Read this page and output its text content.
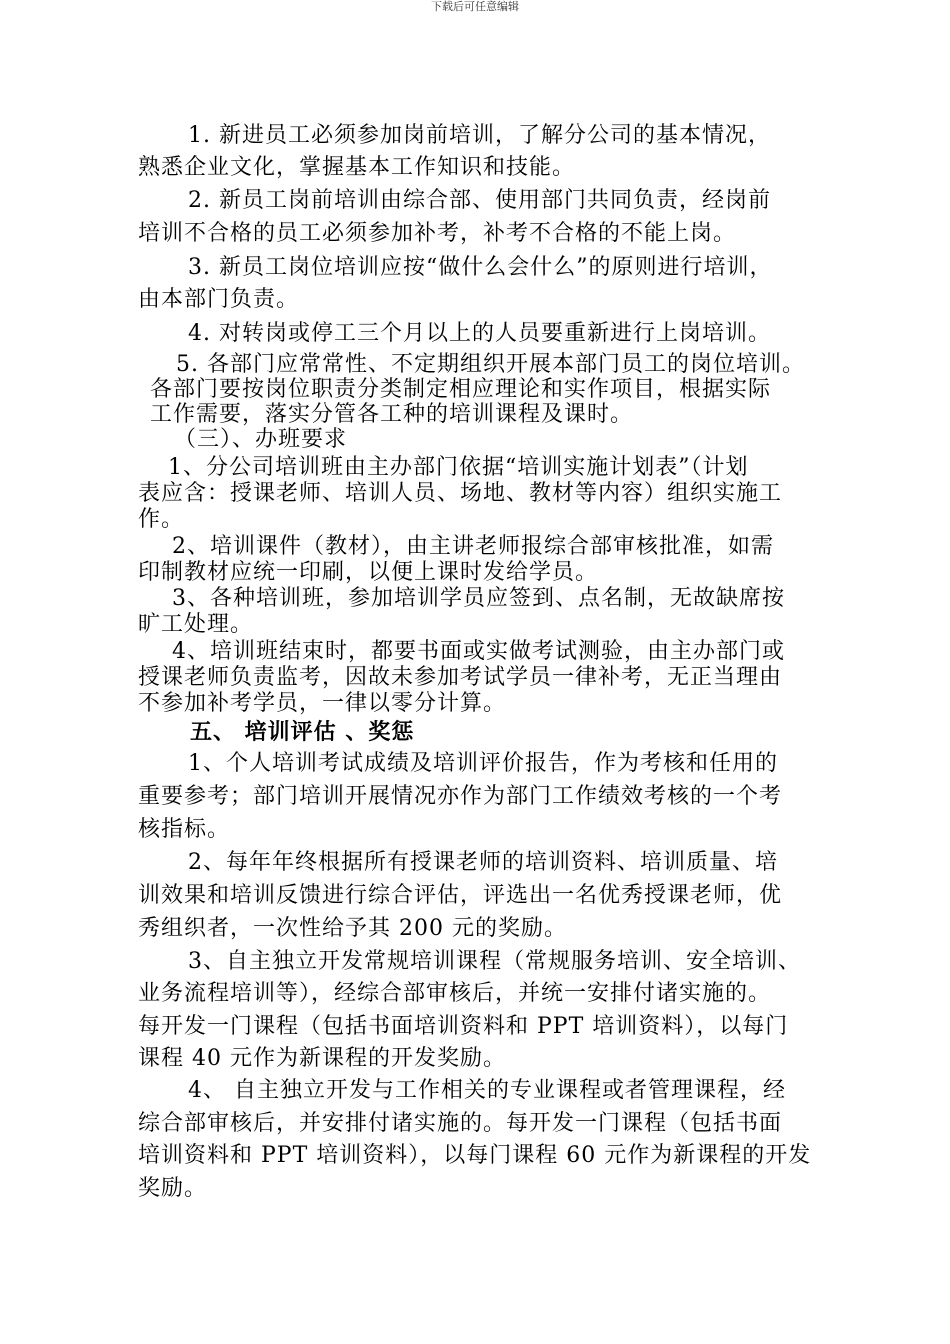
下载后可任意编辑

1. 新进员工必须参加岗前培训，了解分公司的基本情况，

熟悉企业文化，掌握基本工作知识和技能。

2. 新员工岗前培训由综合部、使用部门共同负责，经岗前

培训不合格的员工必须参加补考，补考不合格的不能上岗。

3. 新员工岗位培训应按“做什么会什么”的原则进行培训，

由本部门负责。

4. 对转岗或停工三个月以上的人员要重新进行上岗培训。

5. 各部门应常常性、不定期组织开展本部门员工的岗位培训。

各部门要按岗位职责分类制定相应理论和实作项目，根据实际

工作需要，落实分管各工种的培训课程及课时。

（三）、办班要求

1、分公司培训班由主办部门依据“培训实施计划表”（计划

表应含：授课老师、培训人员、场地、教材等内容）组织实施工

作。

2、培训课件（教材），由主讲老师报综合部审核批准，如需

印制教材应统一印刷，以便上课时发给学员。

3、各种培训班，参加培训学员应签到、点名制，无故缺席按

旷工处理。

4、培训班结束时，都要书面或实做考试测验，由主办部门或

授课老师负责监考，因故未参加考试学员一律补考，无正当理由

不参加补考学员，一律以零分计算。

五、 培训评估 、奖惩

1、个人培训考试成绩及培训评价报告，作为考核和任用的

重要参考；部门培训开展情况亦作为部门工作绩效考核的一个考

核指标。

2、每年年终根据所有授课老师的培训资料、培训质量、培

训效果和培训反馈进行综合评估，评选出一名优秀授课老师，优

秀组织者，一次性给予其 200 元的奖励。

3、自主独立开发常规培训课程（常规服务培训、安全培训、

业务流程培训等），经综合部审核后，并统一安排付诸实施的。

每开发一门课程（包括书面培训资料和 PPT 培训资料），以每门

课程 40 元作为新课程的开发奖励。

4、 自主独立开发与工作相关的专业课程或者管理课程，经

综合部审核后，并安排付诸实施的。每开发一门课程（包括书面

培训资料和 PPT 培训资料），以每门课程 60 元作为新课程的开发

奖励。
